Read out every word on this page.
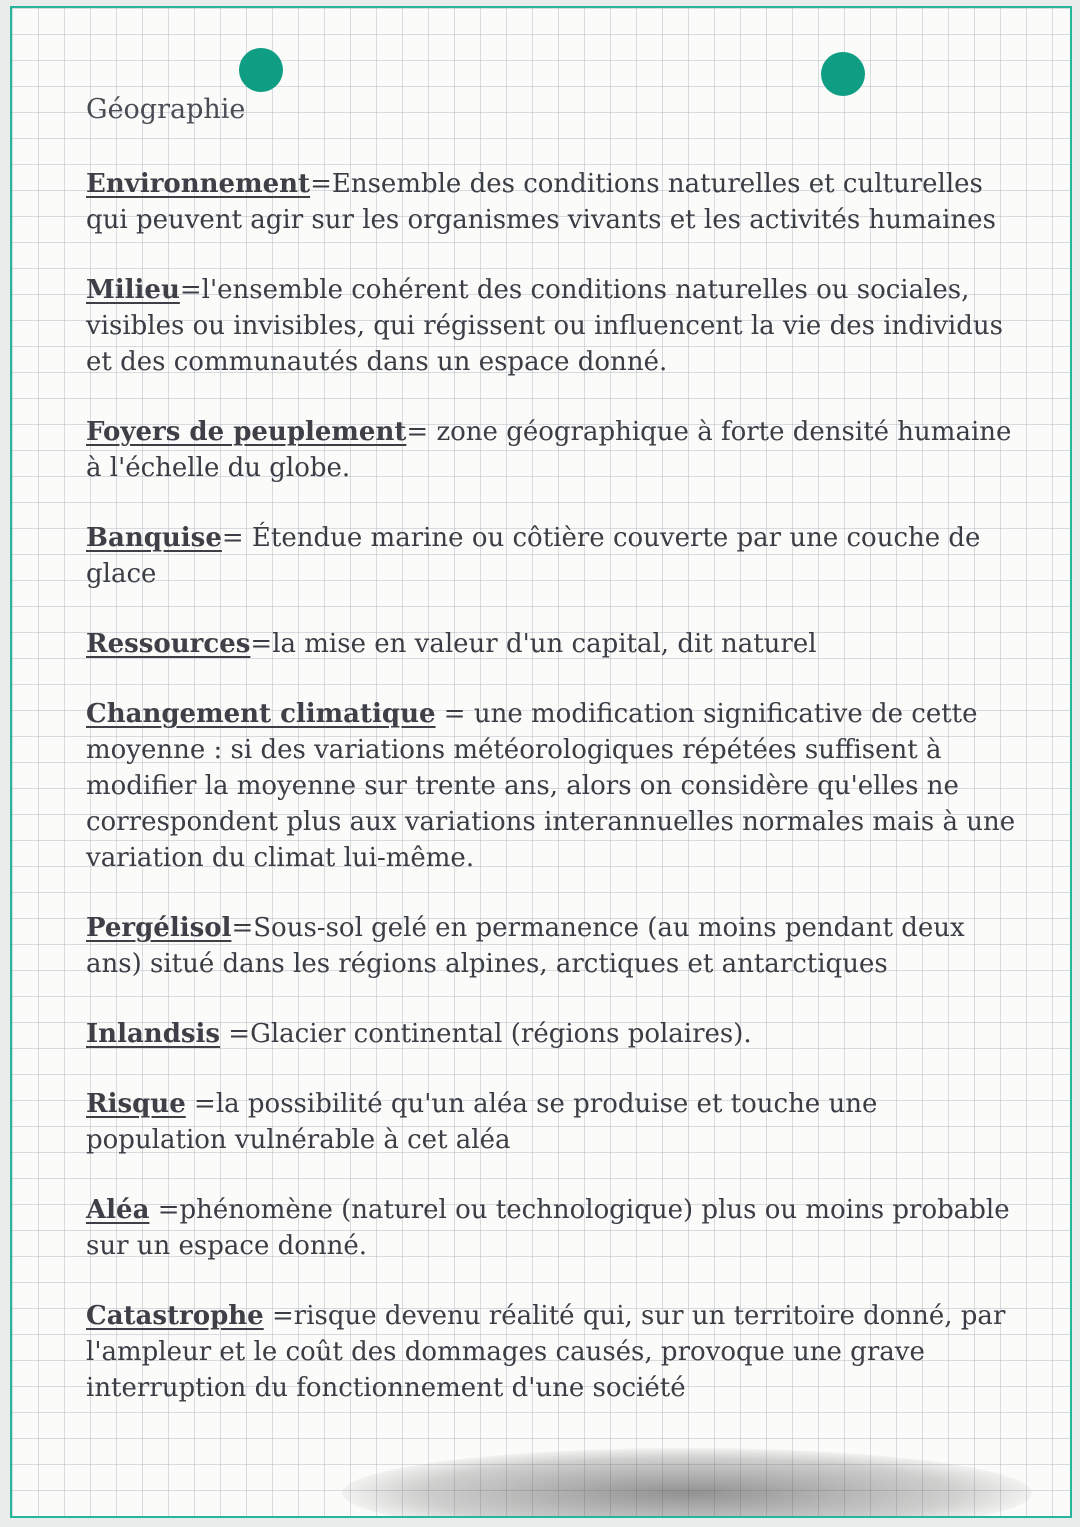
Géographie

Environnement=Ensemble des conditions naturelles et culturelles qui peuvent agir sur les organismes vivants et les activités humaines

Milieu=l'ensemble cohérent des conditions naturelles ou sociales, visibles ou invisibles, qui régissent ou influencent la vie des individus et des communautés dans un espace donné.

Foyers de peuplement= zone géographique à forte densité humaine à l'échelle du globe.

Banquise= Étendue marine ou côtière couverte par une couche de glace

Ressources=la mise en valeur d'un capital, dit naturel

Changement climatique = une modification significative de cette moyenne : si des variations météorologiques répétées suffisent à modifier la moyenne sur trente ans, alors on considère qu'elles ne correspondent plus aux variations interannuelles normales mais à une variation du climat lui-même.

Pergélisol=Sous-sol gelé en permanence (au moins pendant deux ans) situé dans les régions alpines, arctiques et antarctiques

Inlandsis =Glacier continental (régions polaires).

Risque =la possibilité qu'un aléa se produise et touche une population vulnérable à cet aléa

Aléa =phénomène (naturel ou technologique) plus ou moins probable sur un espace donné.

Catastrophe =risque devenu réalité qui, sur un territoire donné, par l'ampleur et le coût des dommages causés, provoque une grave interruption du fonctionnement d'une société
